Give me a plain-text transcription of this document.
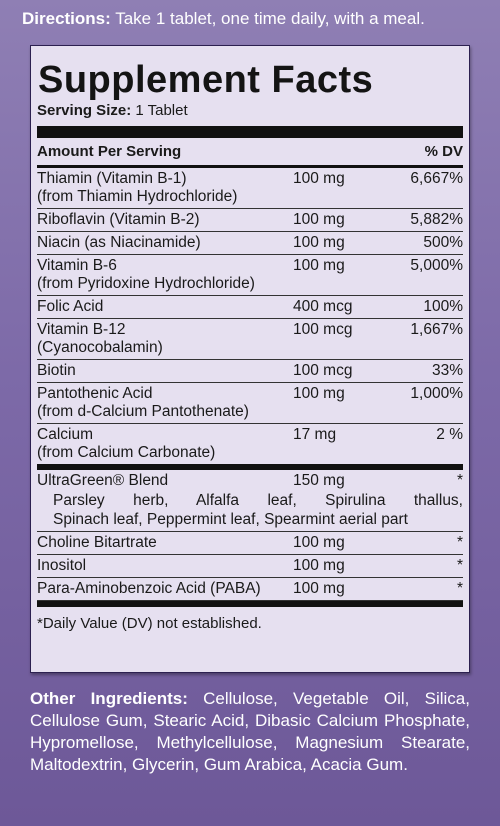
Directions: Take 1 tablet, one time daily, with a meal.
Supplement Facts
Serving Size: 1 Tablet
Amount Per Serving	% DV
Thiamin (Vitamin B-1)
(from Thiamin Hydrochloride)
100 mg	6,667%
Riboflavin (Vitamin B-2)	100 mg	5,882%
Niacin (as Niacinamide)	100 mg	500%
Vitamin B-6
(from Pyridoxine Hydrochloride)
100 mg	5,000%
Folic Acid	400 mcg	100%
Vitamin B-12
(Cyanocobalamin)
100 mcg	1,667%
Biotin	100 mcg	33%
Pantothenic Acid
(from d-Calcium Pantothenate)
100 mg	1,000%
Calcium
(from Calcium Carbonate)
17 mg	2 %
UltraGreen® Blend	150 mg	*
Parsley herb, Alfalfa leaf, Spirulina thallus,
Spinach leaf, Peppermint leaf, Spearmint aerial part
Choline Bitartrate	100 mg	*
Inositol	100 mg	*
Para-Aminobenzoic Acid (PABA)	100 mg	*
*Daily Value (DV) not established.
Other Ingredients: Cellulose, Vegetable Oil, Silica, Cellulose Gum, Stearic Acid, Dibasic Calcium Phosphate, Hypromellose, Methylcellulose, Magnesium Stearate, Maltodextrin, Glycerin, Gum Arabica, Acacia Gum.
